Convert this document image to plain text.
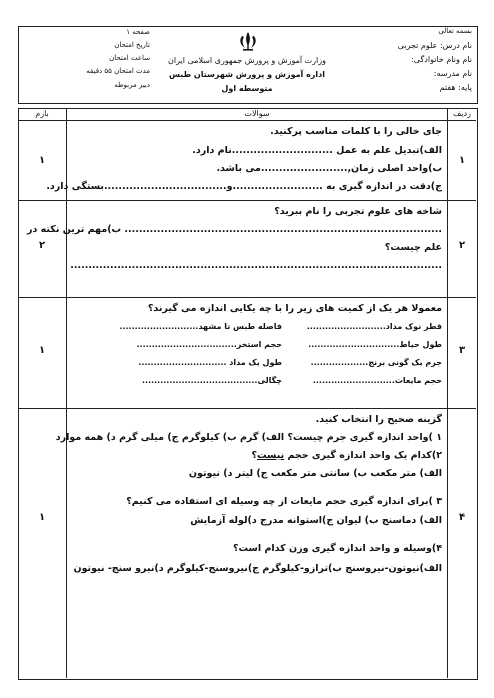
بسمه تعالی
نام درس: علوم تجربی
نام ونام خانوادگی:
نام مدرسه:
پایه: هفتم
وزارت آموزش و پرورش جمهوری اسلامی ایران
اداره آموزش و پرورش شهرستان طبس
متوسطه اول
صفحه ۱
تاریخ امتحان
ساعت امتحان
مدت امتحان ۵۵ دقیقه
دبیر مربوطه
ردیف
سوالات
بارم
۱
۱
جای خالی را با کلمات مناسب پرکنید.
الف)تبدیل علم به عمل ............................نام دارد.
ب)واحد اصلی زمان,........................می باشد.
ج)دقت در اندازه گیری به .........................و..................................بستگی دارد.
۲
۲
شاخه های علوم تجربی را نام ببرید؟
........................................................................................ ب)مهم ترین نکته در
علم چیست؟
.......................................................................................................
۳
۱
معمولا هر یک از کمیت های زیر را با چه یکایی اندازه می گیرند؟
قطر نوک مداد..........................
طول حیاط..............................
جرم یک گونی برنج...................
حجم مایعات...........................
فاصله طبس تا مشهد..........................
حجم استخر.................................
طول یک مداد .............................
چگالی......................................
۴
۱
گزینه صحیح را انتخاب کنید.
۱ )واحد اندازه گیری جرم چیست؟ الف) گرم ب) کیلوگرم ج) میلی گرم د) همه موارد
۲)کدام یک واحد اندازه گیری حجم نیست؟
الف) متر مکعب ب) سانتی متر مکعب ج) لیتر د) نیوتون
۳ )برای اندازه گیری حجم مایعات از چه وسیله ای استفاده می کنیم؟
الف) دماسنج ب) لیوان ج)استوانه مدرج د)لوله آزمایش
۴)وسیله و واحد اندازه گیری وزن کدام است؟
الف)نیوتون-نیروسنج ب)ترازو-کیلوگرم ج)نیروسنج-کیلوگرم د)نیرو سنج- نیوتون
